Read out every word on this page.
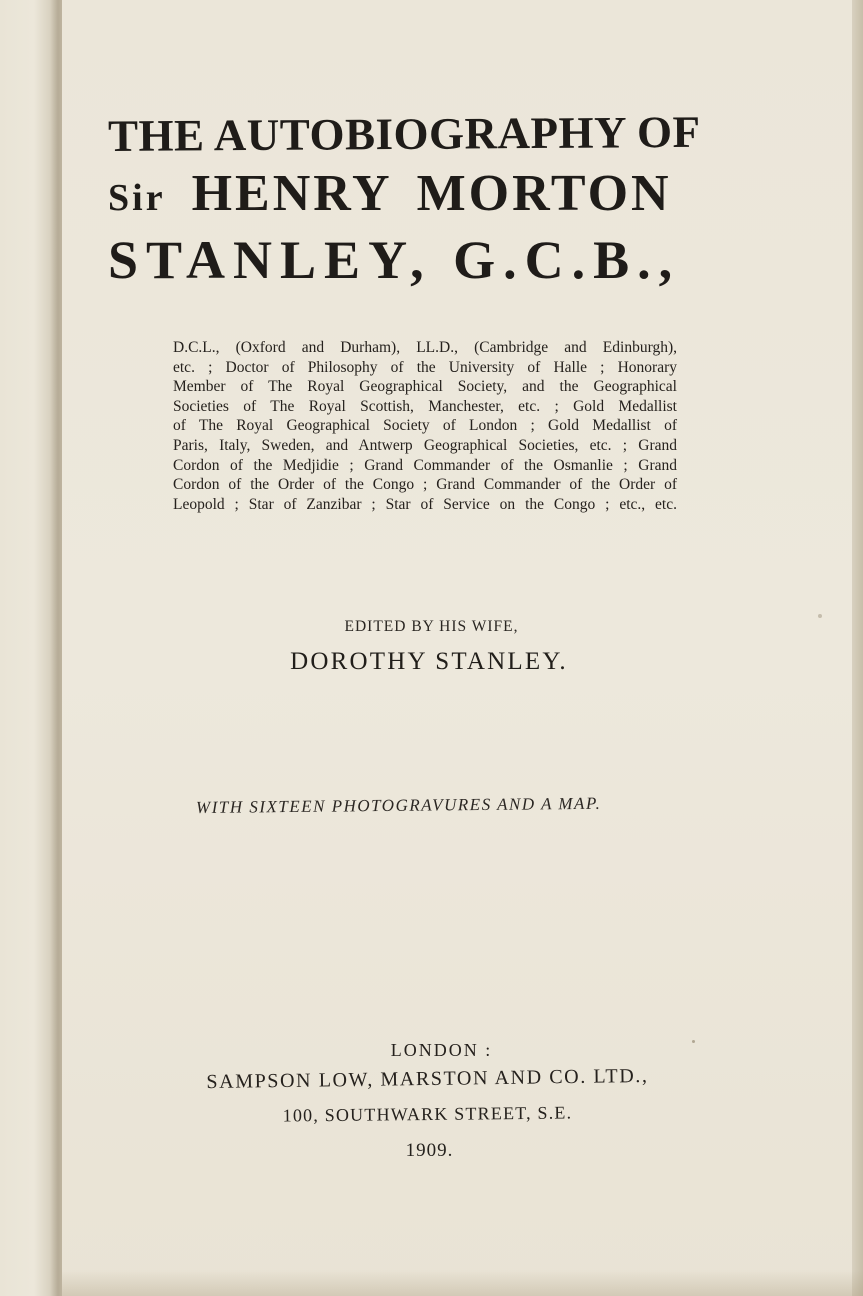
THE AUTOBIOGRAPHY OF
Sir HENRY MORTON
STANLEY, G.C.B.,
D.C.L., (Oxford and Durham), LL.D., (Cambridge and Edinburgh),
etc. ; Doctor of Philosophy of the University of Halle ; Honorary
Member of The Royal Geographical Society, and the Geographical
Societies of The Royal Scottish, Manchester, etc. ; Gold Medallist
of The Royal Geographical Society of London ; Gold Medallist of
Paris, Italy, Sweden, and Antwerp Geographical Societies, etc. ; Grand
Cordon of the Medjidie ; Grand Commander of the Osmanlie ; Grand
Cordon of the Order of the Congo ; Grand Commander of the Order of
Leopold ; Star of Zanzibar ; Star of Service on the Congo ; etc., etc.
EDITED BY HIS WIFE,
DOROTHY STANLEY.
WITH SIXTEEN PHOTOGRAVURES AND A MAP.
LONDON :
SAMPSON LOW, MARSTON AND CO. LTD.,
100, SOUTHWARK STREET, S.E.
1909.
